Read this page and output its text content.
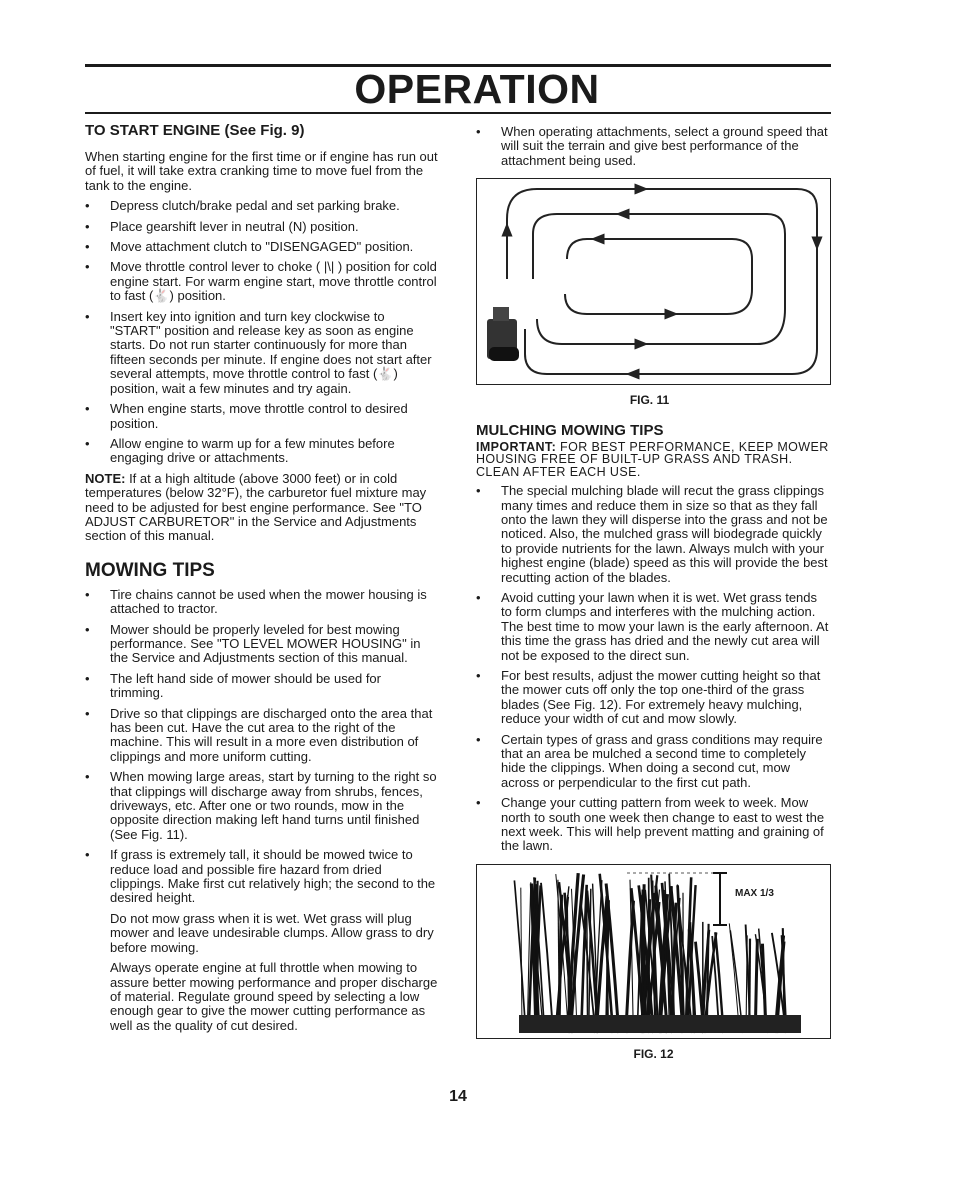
OPERATION
TO START ENGINE (See Fig. 9)

When starting engine for the first time or if engine has run out of fuel, it will take extra cranking time to move fuel from the tank to the engine.

• Depress clutch/brake pedal and set parking brake.
• Place gearshift lever in neutral (N) position.
• Move attachment clutch to "DISENGAGED" position.
• Move throttle control lever to choke ( |\| ) position for cold engine start. For warm engine start, move throttle control to fast (🐇) position.
• Insert key into ignition and turn key clockwise to "START" position and release key as soon as engine starts. Do not run starter continuously for more than fifteen seconds per minute. If engine does not start after several attempts, move throttle control to fast (🐇) position, wait a few minutes and try again.
• When engine starts, move throttle control to desired position.
• Allow engine to warm up for a few minutes before engaging drive or attachments.

NOTE: If at a high altitude (above 3000 feet) or in cold temperatures (below 32°F), the carburetor fuel mixture may need to be adjusted for best engine performance. See "TO ADJUST CARBURETOR" in the Service and Adjustments section of this manual.

MOWING TIPS
• Tire chains cannot be used when the mower housing is attached to tractor.
• Mower should be properly leveled for best mowing performance. See "TO LEVEL MOWER HOUSING" in the Service and Adjustments section of this manual.
• The left hand side of mower should be used for trimming.
• Drive so that clippings are discharged onto the area that has been cut. Have the cut area to the right of the machine. This will result in a more even distribution of clippings and more uniform cutting.
• When mowing large areas, start by turning to the right so that clippings will discharge away from shrubs, fences, driveways, etc. After one or two rounds, mow in the opposite direction making left hand turns until finished (See Fig. 11).
• If grass is extremely tall, it should be mowed twice to reduce load and possible fire hazard from dried clippings. Make first cut relatively high; the second to the desired height.

Do not mow grass when it is wet. Wet grass will plug mower and leave undesirable clumps. Allow grass to dry before mowing.

Always operate engine at full throttle when mowing to assure better mowing performance and proper discharge of material. Regulate ground speed by selecting a low enough gear to give the mower cutting performance as well as the quality of cut desired.

• When operating attachments, select a ground speed that will suit the terrain and give best performance of the attachment being used.
FIG. 11
MULCHING MOWING TIPS

IMPORTANT: FOR BEST PERFORMANCE, KEEP MOWER HOUSING FREE OF BUILT-UP GRASS AND TRASH. CLEAN AFTER EACH USE.

• The special mulching blade will recut the grass clippings many times and reduce them in size so that as they fall onto the lawn they will disperse into the grass and not be noticed. Also, the mulched grass will biodegrade quickly to provide nutrients for the lawn. Always mulch with your highest engine (blade) speed as this will provide the best recutting action of the blades.
• Avoid cutting your lawn when it is wet. Wet grass tends to form clumps and interferes with the mulching action. The best time to mow your lawn is the early afternoon. At this time the grass has dried and the newly cut area will not be exposed to the direct sun.
• For best results, adjust the mower cutting height so that the mower cuts off only the top one-third of the grass blades (See Fig. 12). For extremely heavy mulching, reduce your width of cut and mow slowly.
• Certain types of grass and grass conditions may require that an area be mulched a second time to completely hide the clippings. When doing a second cut, mow across or perpendicular to the first cut path.
• Change your cutting pattern from week to week. Mow north to south one week then change to east to west the next week. This will help prevent matting and graining of the lawn.
MAX 1/3
FIG. 12
14
